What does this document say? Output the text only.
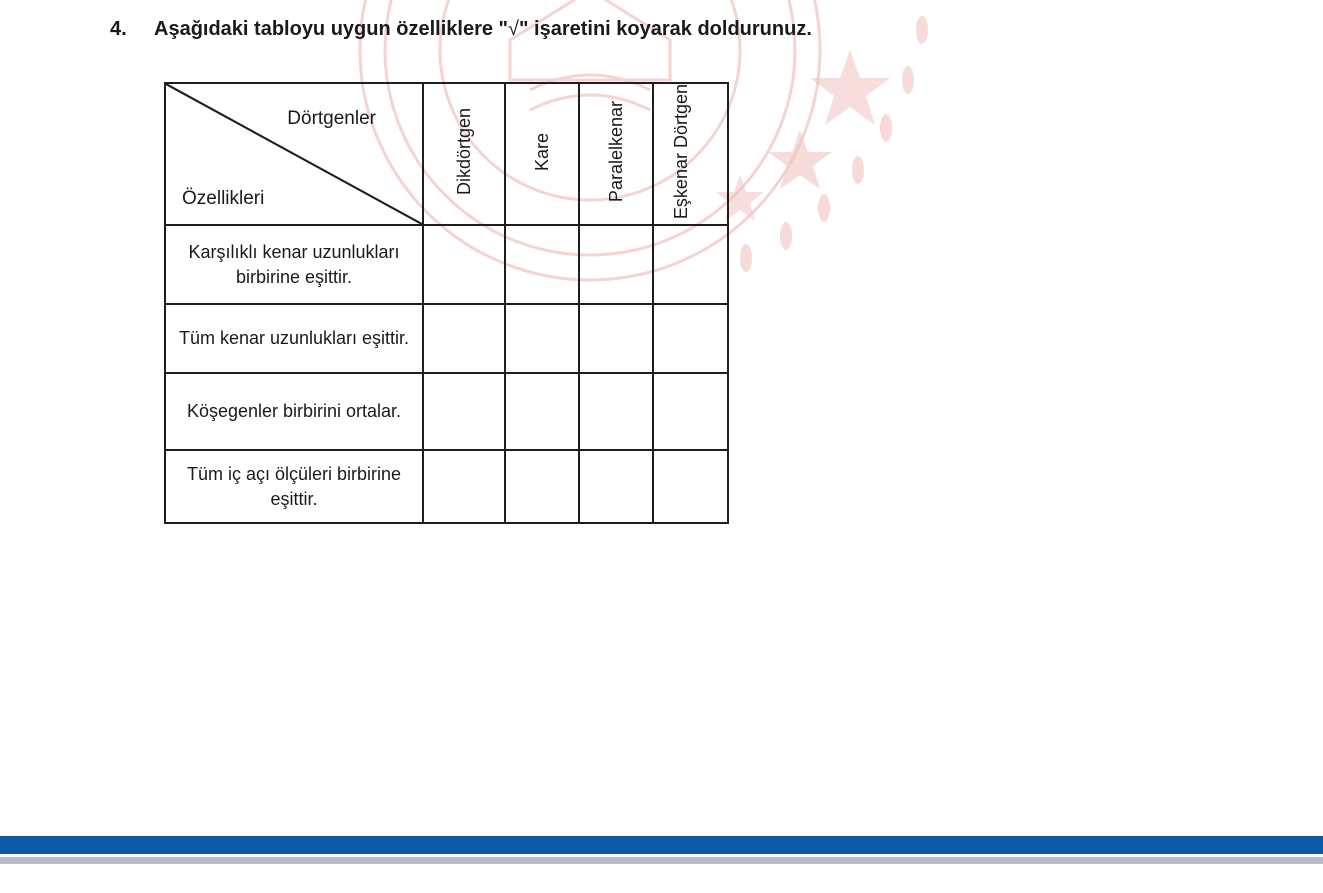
4. Aşağıdaki tabloyu uygun özelliklere "√" işaretini koyarak doldurunuz.
Dörtgenler
Özellikleri	Dikdörtgen	Kare	Paralelkenar	Eşkenar Dörtgen
Karşılıklı kenar uzunlukları birbirine eşittir.				
Tüm kenar uzunlukları eşittir.				
Köşegenler birbirini ortalar.				
Tüm iç açı ölçüleri birbirine eşittir.				
